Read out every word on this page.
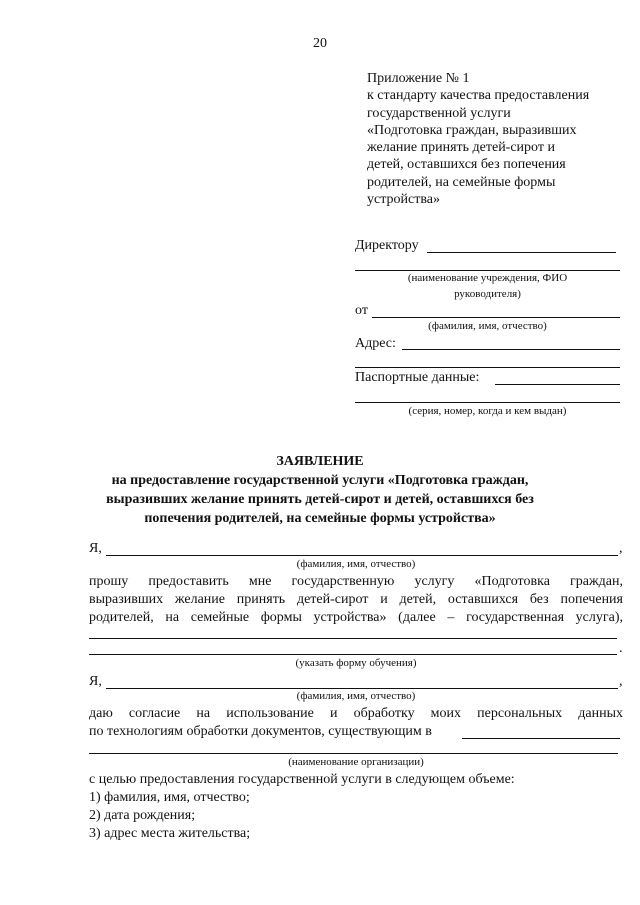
20
Приложение № 1
к стандарту качества предоставления
государственной услуги
«Подготовка граждан, выразивших
желание принять детей-сирот и
детей, оставшихся без попечения
родителей, на семейные формы
устройства»
Директору
(наименование учреждения, ФИО
руководителя)
от
(фамилия, имя, отчество)
Адрес:
Паспортные данные:
(серия, номер, когда и кем выдан)
ЗАЯВЛЕНИЕ
на предоставление государственной услуги «Подготовка граждан,
выразивших желание принять детей-сирот и детей, оставшихся без
попечения родителей, на семейные формы устройства»
Я,	,
(фамилия, имя, отчество)
прошу предоставить мне государственную услугу «Подготовка граждан,
выразивших желание принять детей-сирот и детей, оставшихся без попечения
родителей, на семейные формы устройства» (далее – государственная услуга),
.
(указать форму обучения)
Я,	,
(фамилия, имя, отчество)
даю согласие на использование и обработку моих персональных данных
по технологиям обработки документов, существующим в
(наименование организации)
с целью предоставления государственной услуги в следующем объеме:
1) фамилия, имя, отчество;
2) дата рождения;
3) адрес места жительства;
